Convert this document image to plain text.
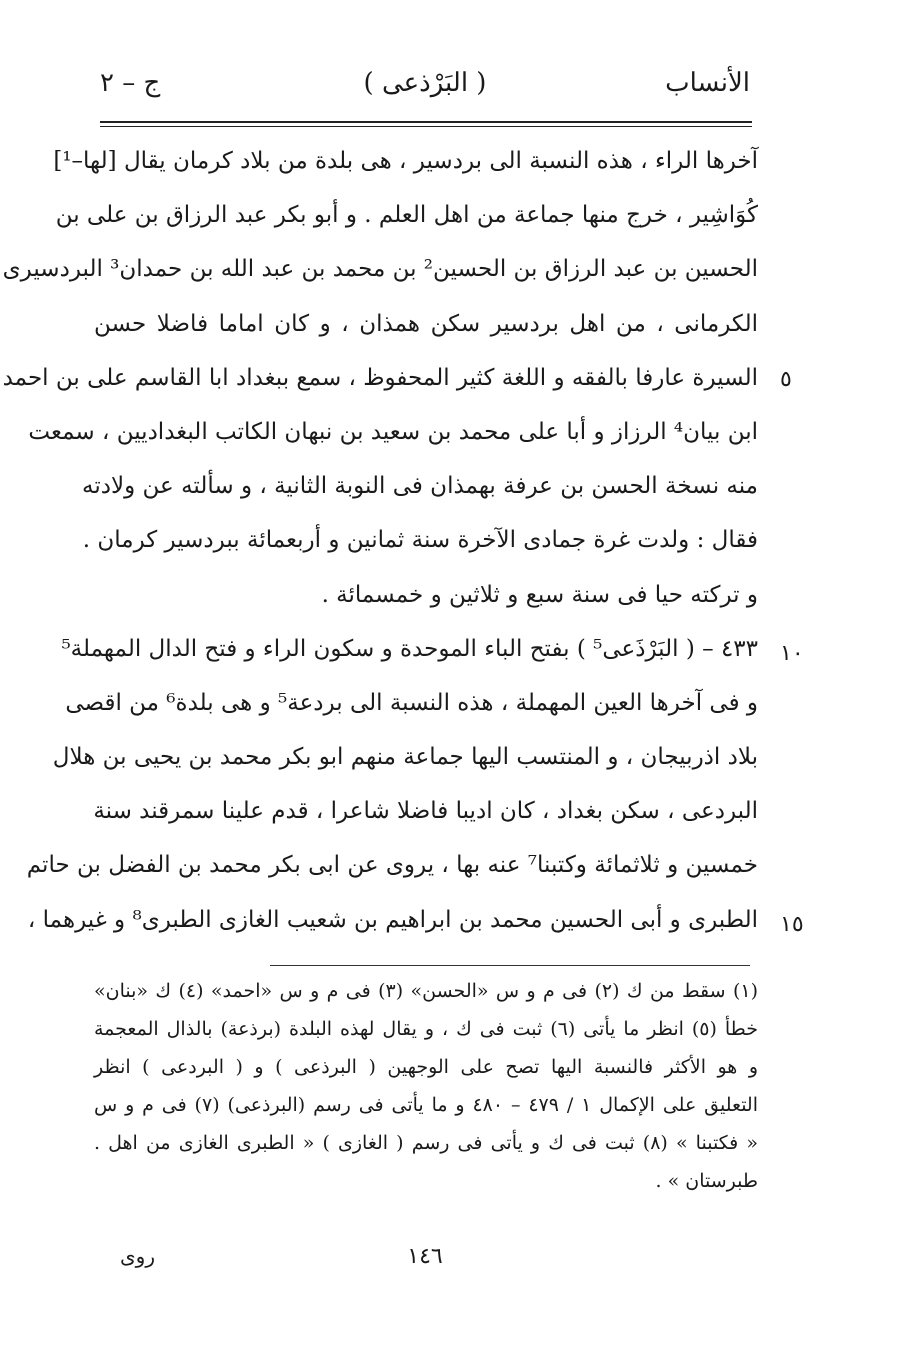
الأنساب
( البَرْذعى )
ج – ٢
آخرها الراء ، هذه النسبة الى بردسير ، هى بلدة من بلاد كرمان يقال [لها–¹]
كُوَاشِير ، خرج منها جماعة من اهل العلم . و أبو بكر عبد الرزاق بن على بن
الحسين بن عبد الرزاق بن الحسين² بن محمد بن عبد الله بن حمدان³ البردسيرى
الكرمانى ، من اهل بردسير سكن همذان ، و كان اماما فاضلا حسن
السيرة عارفا بالفقه و اللغة كثير المحفوظ ، سمع ببغداد ابا القاسم على بن احمد
ابن بيان⁴ الرزاز و أبا على محمد بن سعيد بن نبهان الكاتب البغداديين ، سمعت
منه نسخة الحسن بن عرفة بهمذان فى النوبة الثانية ، و سألته عن ولادته
فقال : ولدت غرة جمادى الآخرة سنة ثمانين و أربعمائة ببردسير كرمان .
و تركته حيا فى سنة سبع و ثلاثين و خمسمائة .
٤٣٣ – ( البَرْذَعى⁵ ) بفتح الباء الموحدة و سكون الراء و فتح الدال المهملة⁵
و فى آخرها العين المهملة ، هذه النسبة الى بردعة⁵ و هى بلدة⁶ من اقصى
بلاد اذربيجان ، و المنتسب اليها جماعة منهم ابو بكر محمد بن يحيى بن هلال
البردعى ، سكن بغداد ، كان اديبا فاضلا شاعرا ، قدم علينا سمرقند سنة
خمسين و ثلاثمائة وكتبنا⁷ عنه بها ، يروى عن ابى بكر محمد بن الفضل بن حاتم
الطبرى و أبى الحسين محمد بن ابراهيم بن شعيب الغازى الطبرى⁸ و غيرهما ،
٥
١٠
١٥
(١) سقط من ك (٢) فى م و س «الحسن» (٣) فى م و س «احمد» (٤) ك «بنان»
خطأ (٥) انظر ما يأتى (٦) ثبت فى ك ، و يقال لهذه البلدة (برذعة) بالذال المعجمة
و هو الأكثر فالنسبة اليها تصح على الوجهين ( البرذعى ) و ( البردعى ) انظر
التعليق على الإكمال ١ / ٤٧٩ – ٤٨٠ و ما يأتى فى رسم (البرذعى) (٧) فى م و س
« فكتبنا » (٨) ثبت فى ك و يأتى فى رسم ( الغازى ) « الطبرى الغازى من اهل .
طبرستان » .
١٤٦
روى
